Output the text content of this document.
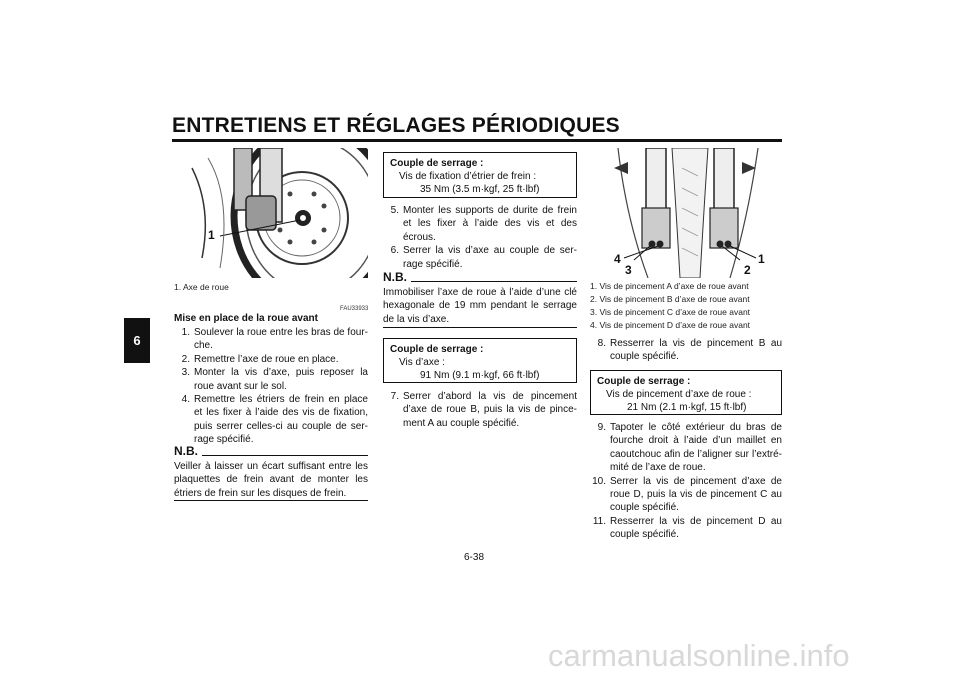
ENTRETIENS ET RÉGLAGES PÉRIODIQUES
6
1
1. Axe de roue
FAU33933
Mise en place de la roue avant
1. Soulever la roue entre les bras de four-che.
2. Remettre l’axe de roue en place.
3. Monter la vis d’axe, puis reposer la roue avant sur le sol.
4. Remettre les étriers de frein en place et les fixer à l’aide des vis de fixation, puis serrer celles-ci au couple de ser-rage spécifié.
N.B.
Veiller à laisser un écart suffisant entre les plaquettes de frein avant de monter les étriers de frein sur les disques de frein.
Couple de serrage :
Vis de fixation d’étrier de frein :
35 Nm (3.5 m·kgf, 25 ft·lbf)
5. Monter les supports de durite de frein et les fixer à l’aide des vis et des écrous.
6. Serrer la vis d’axe au couple de ser-rage spécifié.
N.B.
Immobiliser l’axe de roue à l’aide d’une clé hexagonale de 19 mm pendant le serrage de la vis d’axe.
Couple de serrage :
Vis d’axe :
91 Nm (9.1 m·kgf, 66 ft·lbf)
7. Serrer d’abord la vis de pincement d’axe de roue B, puis la vis de pince-ment A au couple spécifié.
4
3	2
1
1. Vis de pincement A d’axe de roue avant
2. Vis de pincement B d’axe de roue avant
3. Vis de pincement C d’axe de roue avant
4. Vis de pincement D d’axe de roue avant
8. Resserrer la vis de pincement B au couple spécifié.
Couple de serrage :
Vis de pincement d’axe de roue :
21 Nm (2.1 m·kgf, 15 ft·lbf)
9. Tapoter le côté extérieur du bras de fourche droit à l’aide d’un maillet en caoutchouc afin de l’aligner sur l’extré-mité de l’axe de roue.
10. Serrer la vis de pincement d’axe de roue D, puis la vis de pincement C au couple spécifié.
11. Resserrer la vis de pincement D au couple spécifié.
6-38
carmanualsonline.info
